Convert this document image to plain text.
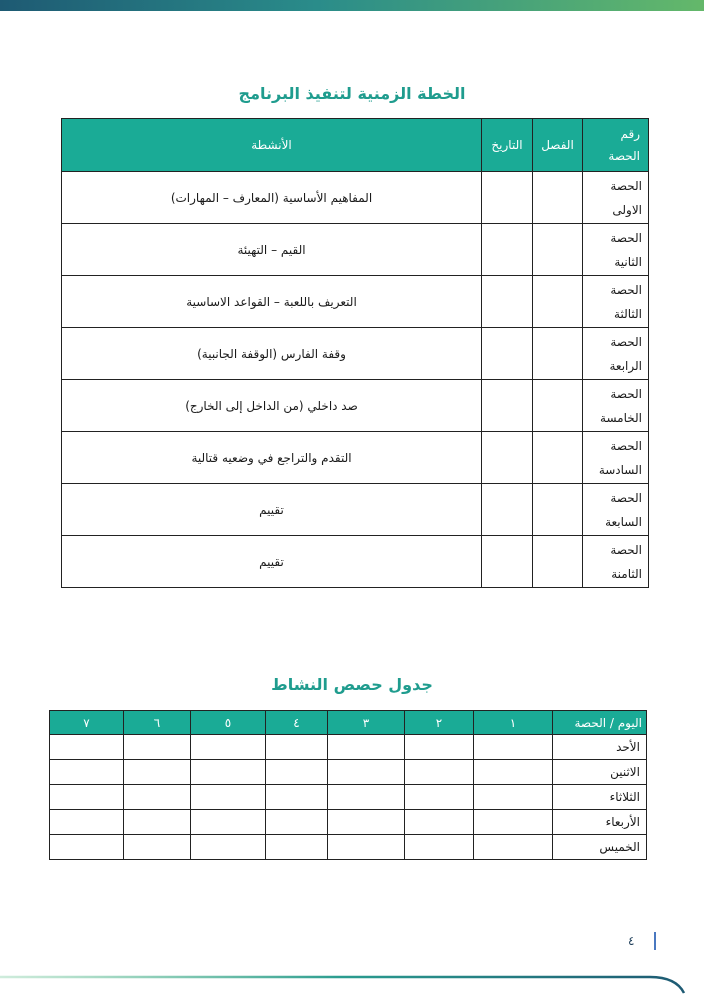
الخطة الزمنية لتنفيذ البرنامج
رقم
الحصة	الفصل	التاريخ	الأنشطة

الحصة
الاولى			المفاهيم الأساسية (المعارف – المهارات)

الحصة
الثانية			القيم – التهيئة

الحصة
الثالثة			التعريف باللعبة – القواعد الاساسية

الحصة
الرابعة			وقفة الفارس (الوقفة الجانبية)

الحصة
الخامسة			صد داخلي (من الداخل إلى الخارج)

الحصة
السادسة			التقدم والتراجع في وضعيه قتالية

الحصة
السابعة			تقييم

الحصة
الثامنة			تقييم
جدول حصص النشاط
اليوم / الحصة	١	٢	٣	٤	٥	٦	٧
الأحد							
الاثنين							
الثلاثاء							
الأربعاء							
الخميس							
٤
